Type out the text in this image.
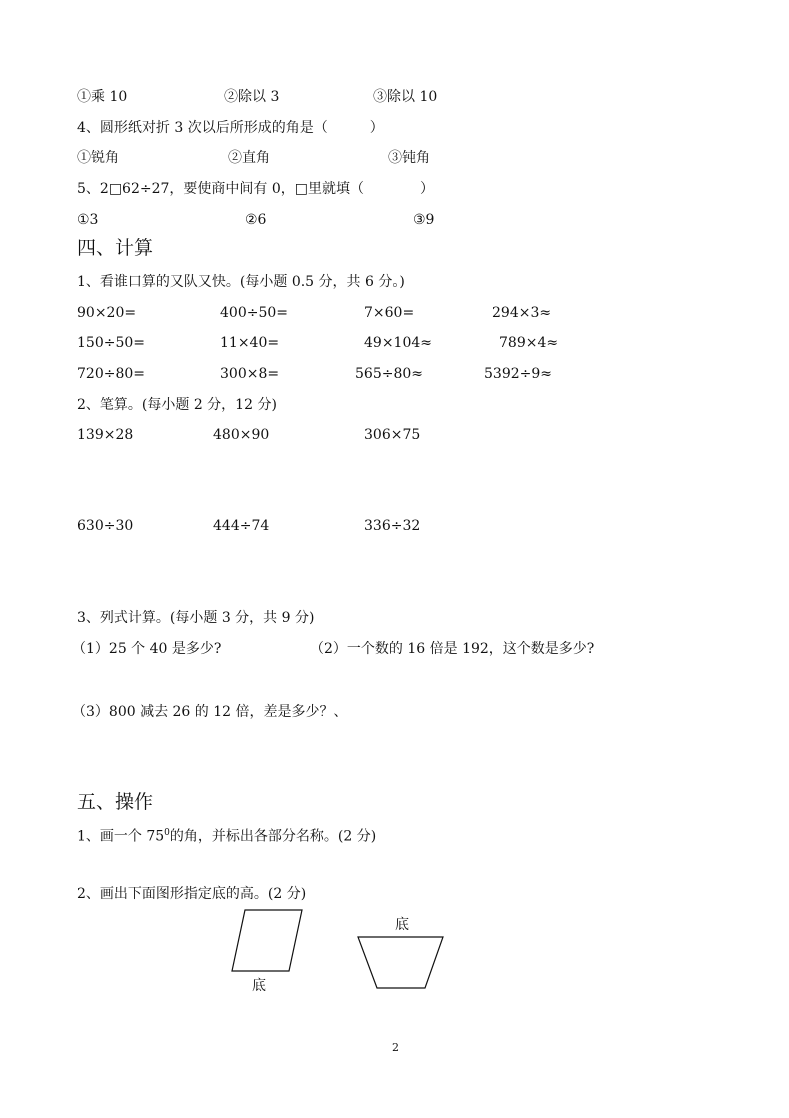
①乘 10	②除以 3	③除以 10
4、圆形纸对折 3 次以后所形成的角是（　　　）
①锐角	②直角	③钝角
5、2□62÷27，要使商中间有 0，□里就填（　　　　）
①3	②6	③9
四、计算
1、看谁口算的又队又快。(每小题 0.5 分，共 6 分。)
90×20=	400÷50=	7×60=	294×3≈
150÷50=	11×40=	49×104≈	789×4≈
720÷80=	300×8=	565÷80≈	5392÷9≈
2、笔算。(每小题 2 分，12 分)
139×28	480×90	306×75
630÷30	444÷74	336÷32
3、列式计算。(每小题 3 分，共 9 分)
（1）25 个 40 是多少?	（2）一个数的 16 倍是 192，这个数是多少?
（3）800 减去 26 的 12 倍，差是多少？、
五、操作
1、画一个 $75^0$的角，并标出各部分名称。(2 分)
2、画出下面图形指定底的高。(2 分)
底
底
2
